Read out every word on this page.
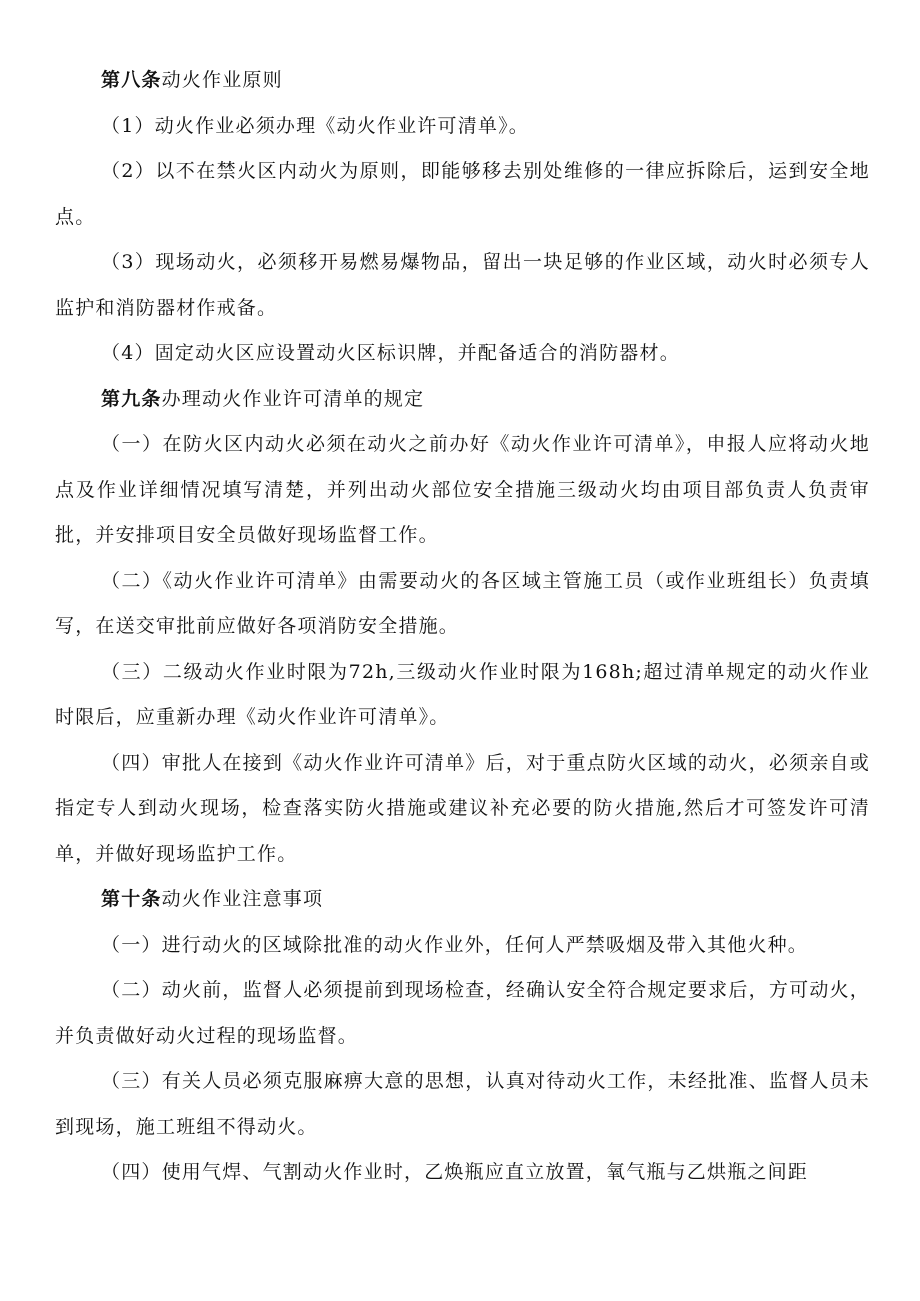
第八条动火作业原则

（1）动火作业必须办理《动火作业许可清单》。

（2）以不在禁火区内动火为原则，即能够移去别处维修的一律应拆除后，运到安全地点。

（3）现场动火，必须移开易燃易爆物品，留出一块足够的作业区域，动火时必须专人监护和消防器材作戒备。

（4）固定动火区应设置动火区标识牌，并配备适合的消防器材。

第九条办理动火作业许可清单的规定

（一）在防火区内动火必须在动火之前办好《动火作业许可清单》，申报人应将动火地点及作业详细情况填写清楚，并列出动火部位安全措施三级动火均由项目部负责人负责审批，并安排项目安全员做好现场监督工作。

（二）《动火作业许可清单》由需要动火的各区域主管施工员（或作业班组长）负责填写，在送交审批前应做好各项消防安全措施。

（三）二级动火作业时限为72h,三级动火作业时限为168h;超过清单规定的动火作业时限后，应重新办理《动火作业许可清单》。

（四）审批人在接到《动火作业许可清单》后，对于重点防火区域的动火，必须亲自或指定专人到动火现场，检查落实防火措施或建议补充必要的防火措施,然后才可签发许可清单，并做好现场监护工作。

第十条动火作业注意事项

（一）进行动火的区域除批准的动火作业外，任何人严禁吸烟及带入其他火种。

（二）动火前，监督人必须提前到现场检查，经确认安全符合规定要求后，方可动火，并负责做好动火过程的现场监督。

（三）有关人员必须克服麻痹大意的思想，认真对待动火工作，未经批准、监督人员未到现场，施工班组不得动火。

（四）使用气焊、气割动火作业时，乙焕瓶应直立放置，氧气瓶与乙烘瓶之间距
